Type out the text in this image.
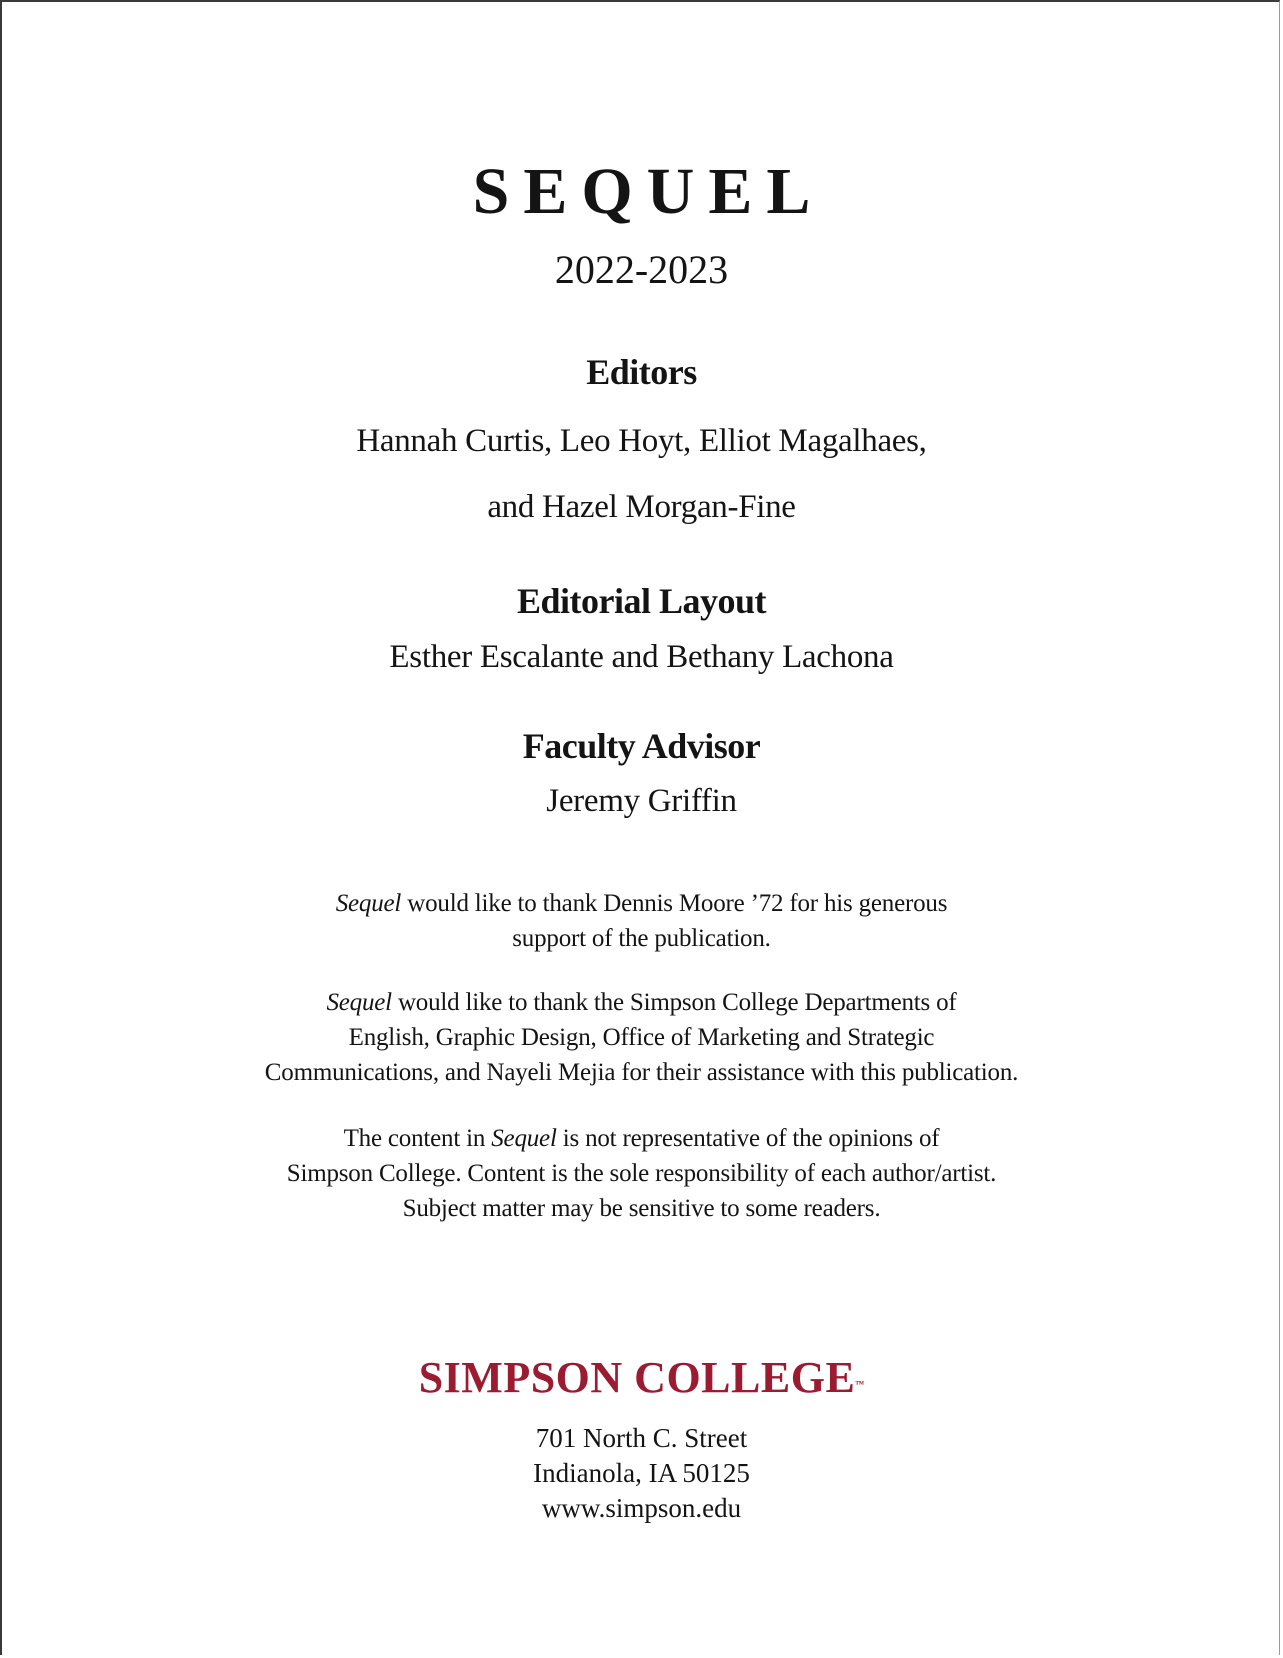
SEQUEL
2022-2023
Editors
Hannah Curtis, Leo Hoyt, Elliot Magalhaes,
and Hazel Morgan-Fine
Editorial Layout
Esther Escalante and Bethany Lachona
Faculty Advisor
Jeremy Griffin
Sequel would like to thank Dennis Moore ’72 for his generous
support of the publication.
Sequel would like to thank the Simpson College Departments of
English, Graphic Design, Office of Marketing and Strategic
Communications, and Nayeli Mejia for their assistance with this publication.
The content in Sequel is not representative of the opinions of
Simpson College. Content is the sole responsibility of each author/artist.
Subject matter may be sensitive to some readers.
SIMPSON COLLEGE™
701 North C. Street
Indianola, IA 50125
www.simpson.edu
